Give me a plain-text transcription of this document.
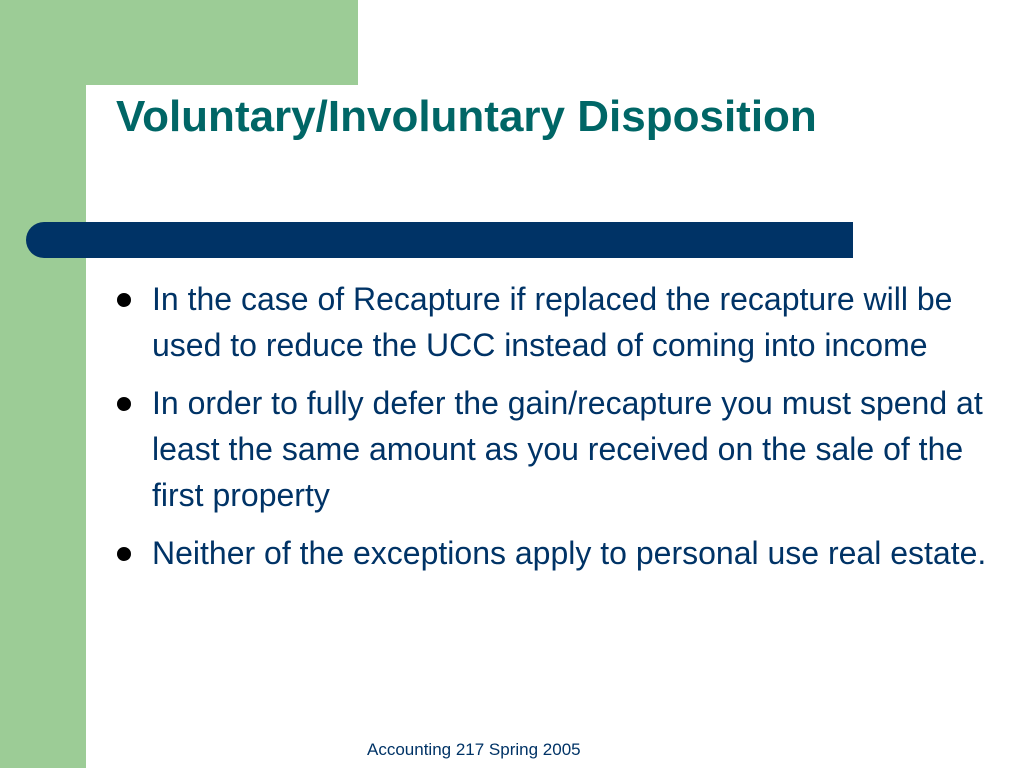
Voluntary/Involuntary Disposition
In the case of Recapture if replaced the recapture will be used to reduce the UCC instead of coming into income
In order to fully defer the gain/recapture you must spend at least the same amount as you received on the sale of the first property
Neither of the exceptions apply to personal use real estate.
Accounting 217 Spring 2005
